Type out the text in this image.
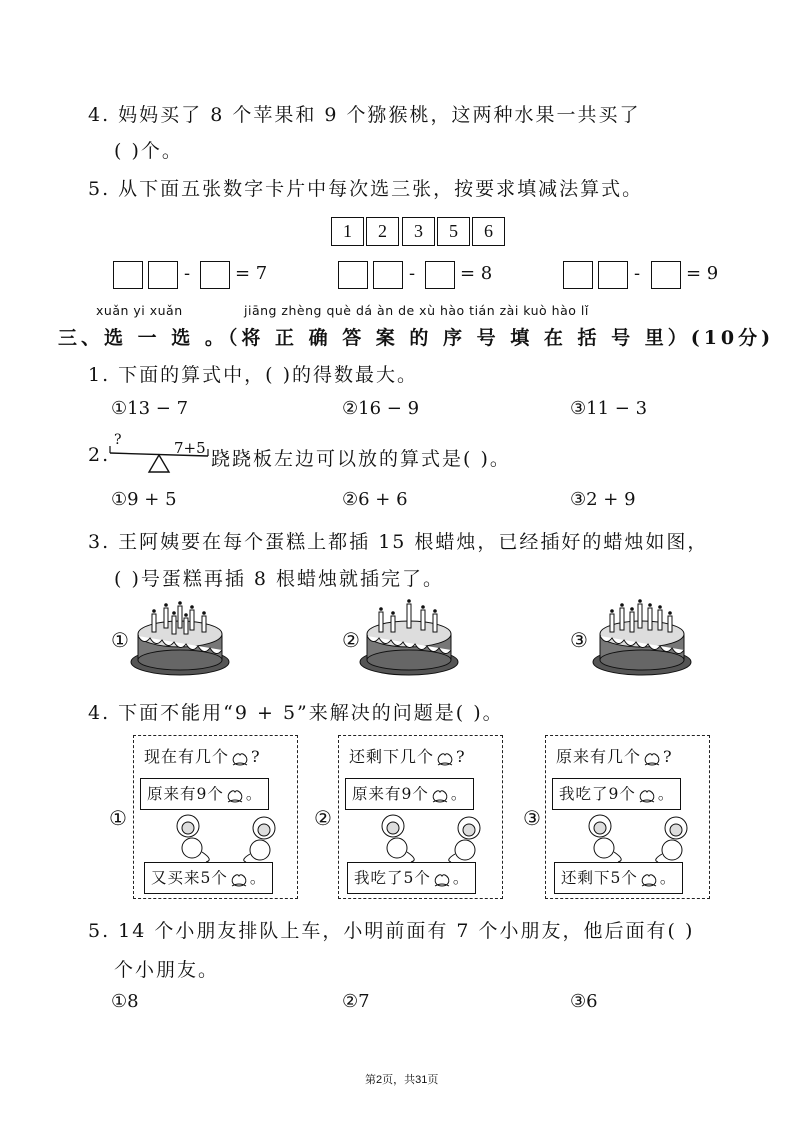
4. 妈妈买了 8 个苹果和 9 个猕猴桃，这两种水果一共买了
( )个。
5. 从下面五张数字卡片中每次选三张，按要求填减法算式。
1	2	3	5	6
- = 7	- = 8	-	= 9
xuǎn yi xuǎn	jiāng zhèng què dá àn de xù hào tián zài kuò hào lǐ
三、选 一 选 。（将 正 确 答 案 的 序 号 填 在 括 号 里）(10分)
1. 下面的算式中，( )的得数最大。
①13 − 7	②16 − 9	③11 − 3
2.
?	7+5 跷跷板左边可以放的算式是( )。
①9 + 5	②6 + 6	③2 + 9
3. 王阿姨要在每个蛋糕上都插 15 根蜡烛，已经插好的蜡烛如图，
( )号蛋糕再插 8 根蜡烛就插完了。
①	②	③
4. 下面不能用“9 + 5”来解决的问题是( )。
①	②	③
现在有几个 ?
原来有9个 。
又买来5个 。
还剩下几个 ?
原来有9个 。
我吃了5个 。
原来有几个 ?
我吃了9个 。
还剩下5个 。
5. 14 个小朋友排队上车，小明前面有 7 个小朋友，他后面有( )
个小朋友。
①8	②7	③6
第2页，共31页
